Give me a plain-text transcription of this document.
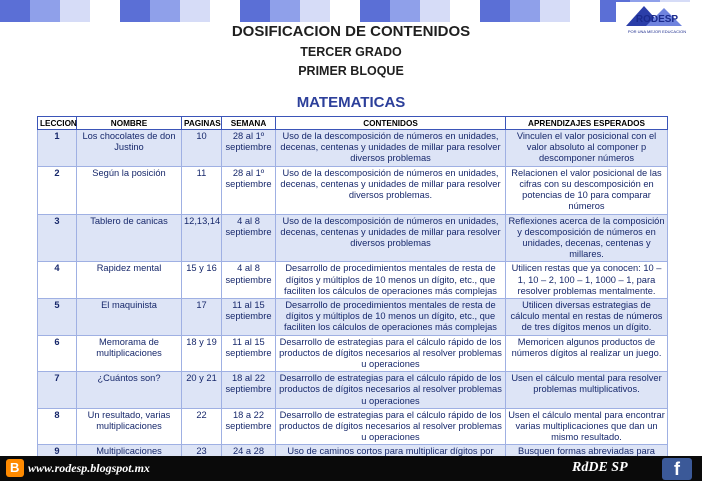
RODESP
POR UNA MEJOR EDUCACION
DOSIFICACION DE CONTENIDOS
TERCER GRADO
PRIMER BLOQUE
MATEMATICAS
LECCION	NOMBRE	PAGINAS	SEMANA	CONTENIDOS	APRENDIZAJES ESPERADOS
1	Los chocolates de don Justino	10	28 al 1º septiembre	Uso de la descomposición de números en unidades, decenas, centenas y unidades de millar para resolver diversos problemas	Vinculen el valor posicional con el valor absoluto al componer p descomponer números
2	Según la posición	11	28 al 1º septiembre	Uso de la descomposición de números en unidades, decenas, centenas y unidades de millar para resolver diversos problemas.	Relacionen el valor posicional de las cifras con su descomposición en potencias de 10 para comparar números
3	Tablero de canicas	12,13,14	4 al 8 septiembre	Uso de la descomposición de números en unidades, decenas, centenas y unidades de millar para resolver diversos problemas	Reflexiones acerca de la composición y descomposición de números en unidades, decenas, centenas y millares.
4	Rapidez mental	15 y 16	4 al 8 septiembre	Desarrollo de procedimientos mentales de resta de dígitos y múltiplos de 10 menos un dígito, etc., que faciliten los cálculos de operaciones más complejas	Utilicen restas que ya conocen: 10 – 1, 10 – 2, 100 – 1, 1000 – 1, para resolver problemas mentalmente.
5	El maquinista	17	11 al 15 septiembre	Desarrollo de procedimientos mentales de resta de dígitos y múltiplos de 10 menos un dígito, etc., que faciliten los cálculos de operaciones más complejas	Utilicen diversas estrategias de cálculo mental en restas de números de tres dígitos menos un dígito.
6	Memorama de multiplicaciones	18 y 19	11 al 15 septiembre	Desarrollo de estrategias para el cálculo rápido de los productos de dígitos necesarios al resolver problemas u operaciones	Memoricen algunos productos de números dígitos al realizar un juego.
7	¿Cuántos son?	20 y 21	18 al 22 septiembre	Desarrollo de estrategias para el cálculo rápido de los productos de dígitos necesarios al resolver problemas u operaciones	Usen el cálculo mental para resolver problemas multiplicativos.
8	Un resultado, varias multiplicaciones	22	18 a 22 septiembre	Desarrollo de estrategias para el cálculo rápido de los productos de dígitos necesarios al resolver problemas u operaciones	Usen el cálculo mental para encontrar varias multiplicaciones que dan un mismo resultado.
9	Multiplicaciones	23	24 a 28	Uso de caminos cortos para multiplicar dígitos por	Busquen formas abreviadas para
B www.rodesp.blogspot.mx	RdDE SP	f
